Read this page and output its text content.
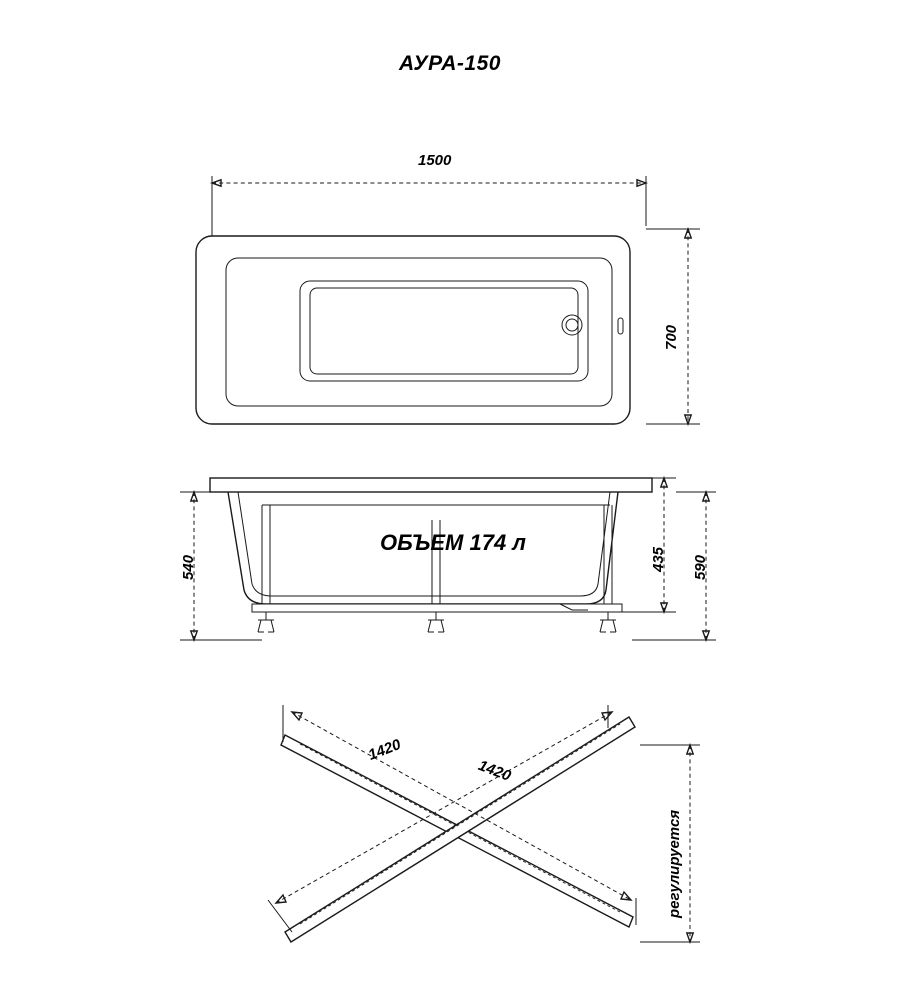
АУРА-150
1500
700
ОБЪЕМ 174 л
540	435 590
1420
1420
регулируется
